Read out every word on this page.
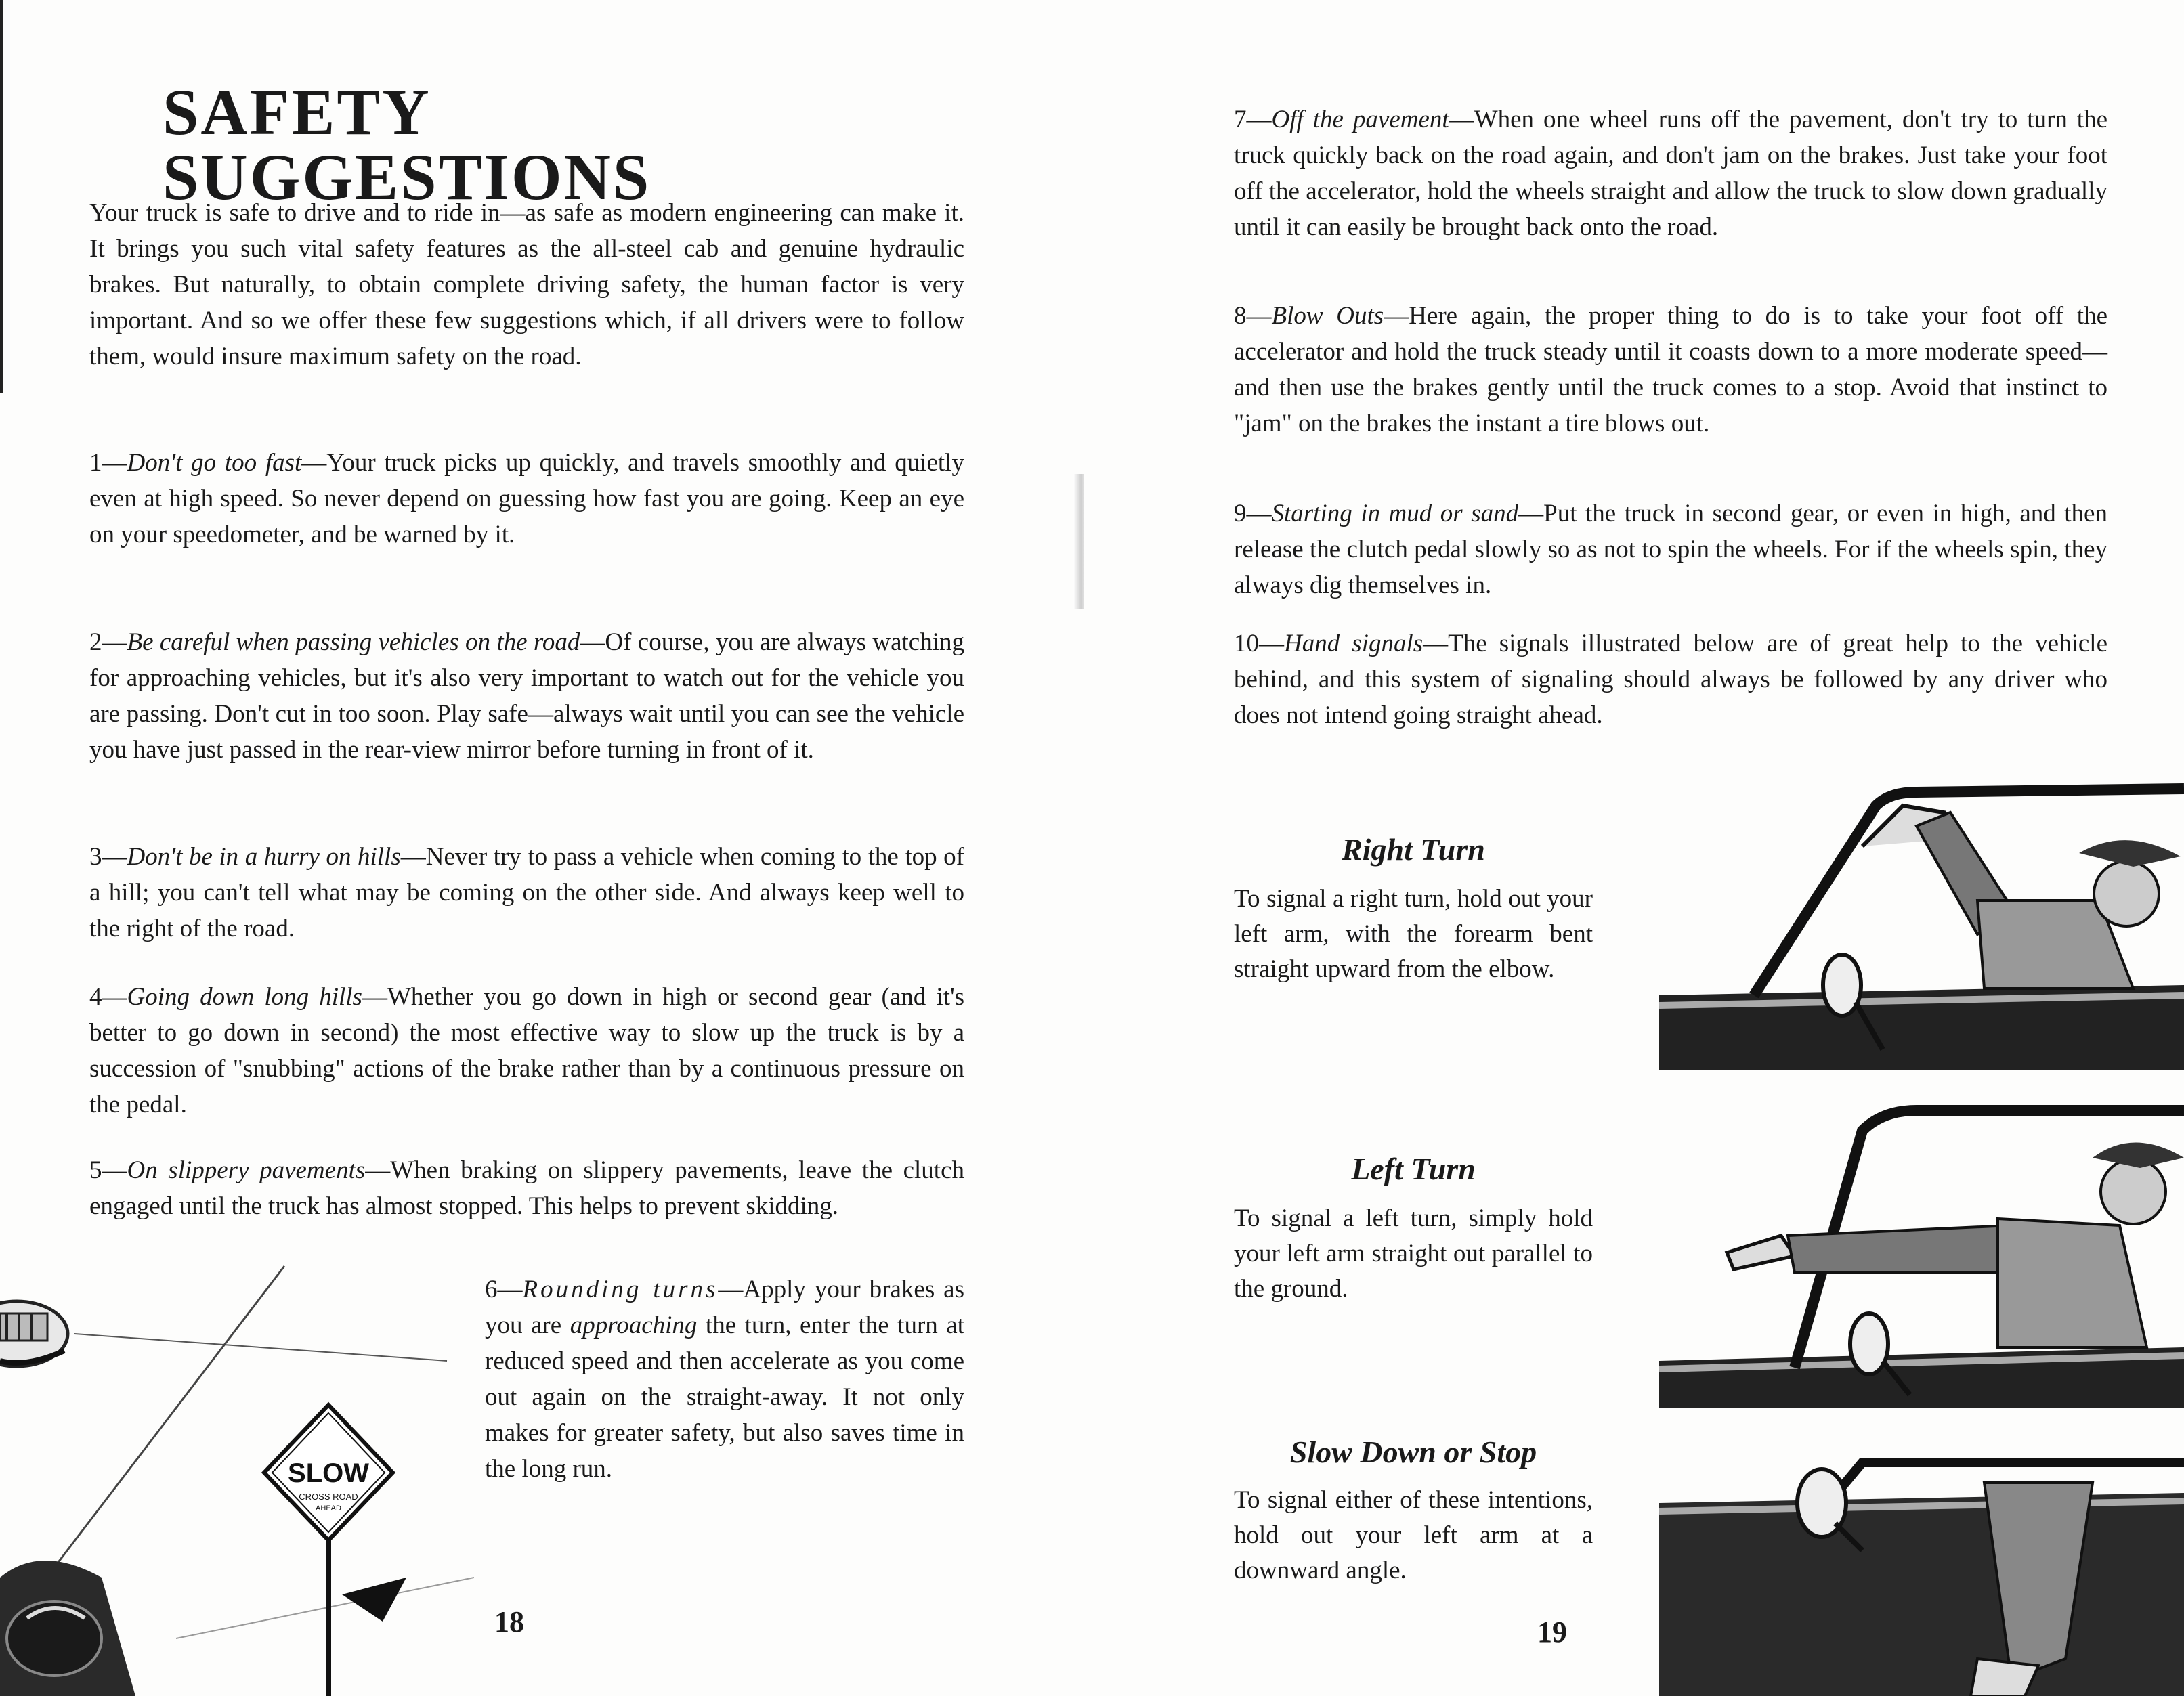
SAFETY SUGGESTIONS

Your truck is safe to drive and to ride in—as safe as modern engineering can make it. It brings you such vital safety features as the all-steel cab and genuine hydraulic brakes. But naturally, to obtain complete driving safety, the human factor is very important. And so we offer these few suggestions which, if all drivers were to follow them, would insure maximum safety on the road.

1—Don't go too fast—Your truck picks up quickly, and travels smoothly and quietly even at high speed. So never depend on guessing how fast you are going. Keep an eye on your speedometer, and be warned by it.

2—Be careful when passing vehicles on the road—Of course, you are always watching for approaching vehicles, but it's also very important to watch out for the vehicle you are passing. Don't cut in too soon. Play safe—always wait until you can see the vehicle you have just passed in the rear-view mirror before turning in front of it.

3—Don't be in a hurry on hills—Never try to pass a vehicle when coming to the top of a hill; you can't tell what may be coming on the other side. And always keep well to the right of the road.

4—Going down long hills—Whether you go down in high or second gear (and it's better to go down in second) the most effective way to slow up the truck is by a succession of "snubbing" actions of the brake rather than by a continuous pressure on the pedal.

5—On slippery pavements—When braking on slippery pavements, leave the clutch engaged until the truck has almost stopped. This helps to prevent skidding.

6—Rounding turns—Apply your brakes as you are approaching the turn, enter the turn at reduced speed and then accelerate as you come out again on the straight-away. It not only makes for greater safety, but also saves time in the long run.

SLOW
CROSS ROAD
AHEAD
18

7—Off the pavement—When one wheel runs off the pavement, don't try to turn the truck quickly back on the road again, and don't jam on the brakes. Just take your foot off the accelerator, hold the wheels straight and allow the truck to slow down gradually until it can easily be brought back onto the road.

8—Blow Outs—Here again, the proper thing to do is to take your foot off the accelerator and hold the truck steady until it coasts down to a more moderate speed—and then use the brakes gently until the truck comes to a stop. Avoid that instinct to "jam" on the brakes the instant a tire blows out.

9—Starting in mud or sand—Put the truck in second gear, or even in high, and then release the clutch pedal slowly so as not to spin the wheels. For if the wheels spin, they always dig themselves in.

10—Hand signals—The signals illustrated below are of great help to the vehicle behind, and this system of signaling should always be followed by any driver who does not intend going straight ahead.

Right Turn

To signal a right turn, hold out your left arm, with the forearm bent straight upward from the elbow.

Left Turn

To signal a left turn, simply hold your left arm straight out parallel to the ground.

Slow Down or Stop

To signal either of these intentions, hold out your left arm at a downward angle.

19
